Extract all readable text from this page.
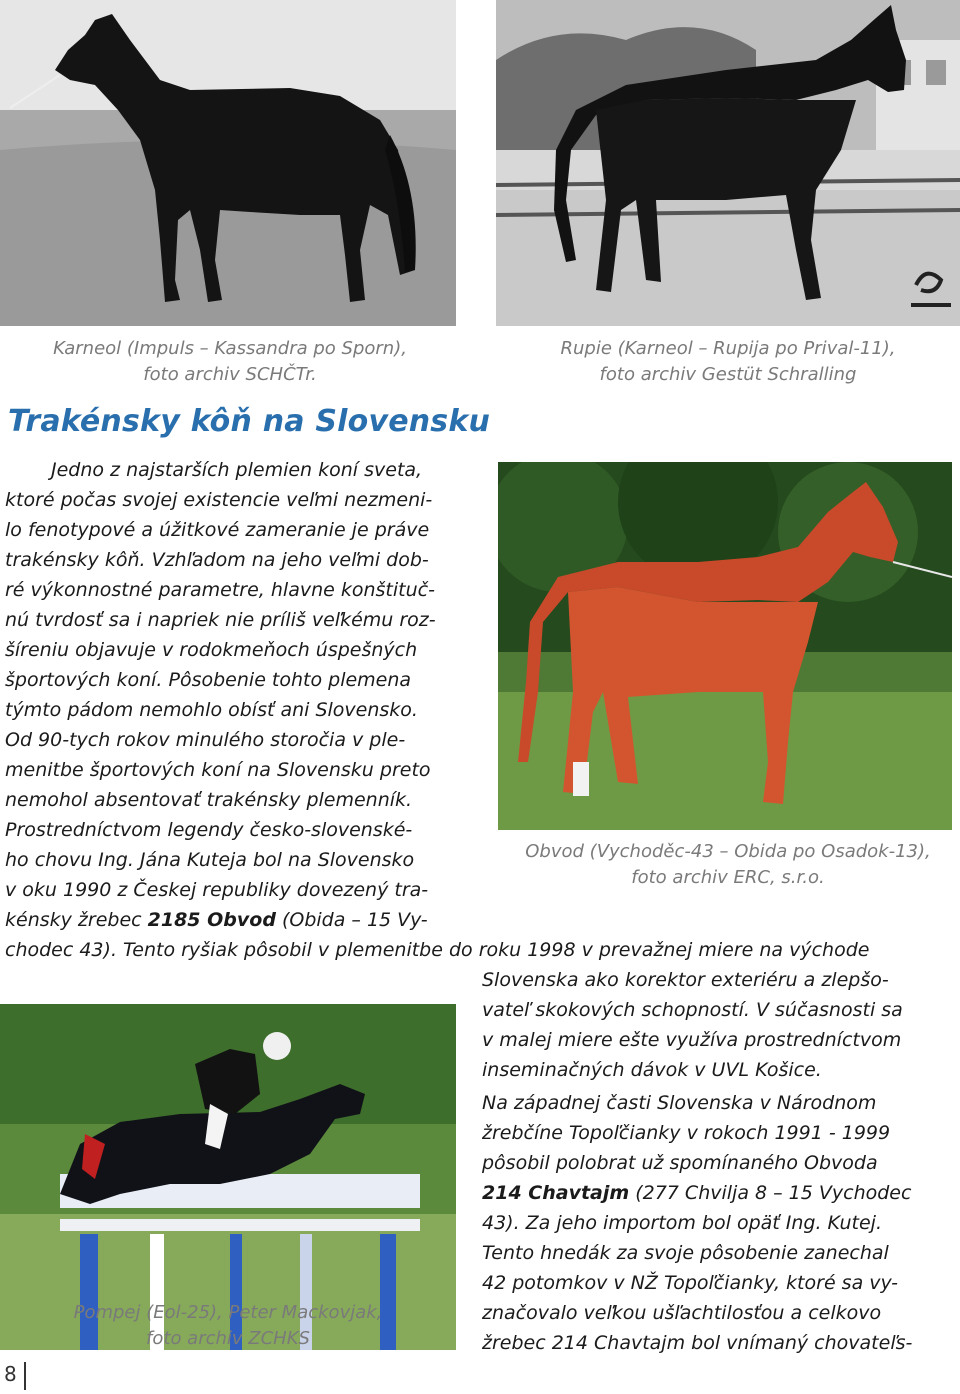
Karneol (Impuls – Kassandra po Sporn),
foto archiv SCHČTr.
Rupie (Karneol – Rupija po Prival-11),
foto archiv Gestüt Schralling
Obvod (Vychoděc-43 – Obida po Osadok-13),
foto archiv ERC, s.r.o.
Pompej (Eol-25), Peter Mackovjak,
foto archiv ZCHKS
Trakénsky kôň na Slovensku
Jedno z najstarších plemien koní sveta,
ktoré počas svojej existencie veľmi nezmeni-
lo fenotypové a úžitkové zameranie je práve
trakénsky kôň. Vzhľadom na jeho veľmi dob-
ré výkonnostné parametre, hlavne konštituč-
nú tvrdosť sa i napriek nie príliš veľkému roz-
šíreniu objavuje v rodokmeňoch úspešných
športových koní. Pôsobenie tohto plemena
týmto pádom nemohlo obísť ani Slovensko.
Od 90-tych rokov minulého storočia v ple-
menitbe športových koní na Slovensku preto
nemohol absentovať trakénsky plemenník.
Prostredníctvom legendy česko-slovenské-
ho chovu Ing. Jána Kuteja bol na Slovensko
v oku 1990 z Českej republiky dovezený tra-
kénsky žrebec 2185 Obvod (Obida – 15 Vy-
chodec 43). Tento ryšiak pôsobil v plemenitbe do roku 1998 v prevažnej miere na východe
Slovenska ako korektor exteriéru a zlepšo-
vateľ skokových schopností. V súčasnosti sa
v malej miere ešte využíva prostredníctvom
inseminačných dávok v UVL Košice.
Na západnej časti Slovenska v Národnom
žrebčíne Topoľčianky v rokoch 1991 - 1999
pôsobil polobrat už spomínaného Obvoda
214 Chavtajm (277 Chvilja 8 – 15 Vychodec
43). Za jeho importom bol opäť Ing. Kutej.
Tento hnedák za svoje pôsobenie zanechal
42 potomkov v NŽ Topoľčianky, ktoré sa vy-
značovalo veľkou ušľachtilosťou a celkovo
žrebec 214 Chavtajm bol vnímaný chovateľs-
8
